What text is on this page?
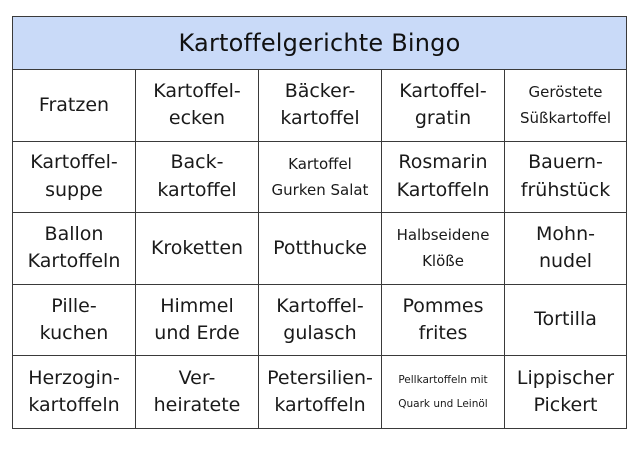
Kartoffelgerichte Bingo
Fratzen
Kartoffel-
ecken
Bäcker-
kartoffel
Kartoffel-
gratin
Geröstete
Süßkartoffel
Kartoffel-
suppe
Back-
kartoffel
Kartoffel
Gurken Salat
Rosmarin
Kartoffeln
Bauern-
frühstück
Ballon
Kartoffeln
Kroketten	Potthucke
Halbseidene
Klöße
Mohn-
nudel
Pille-
kuchen
Himmel
und Erde
Kartoffel-
gulasch
Pommes
frites
Tortilla
Herzogin-
kartoffeln
Ver-
heiratete
Petersilien-
kartoffeln
Pellkartoffeln mit
Quark und Leinöl
Lippischer
Pickert
